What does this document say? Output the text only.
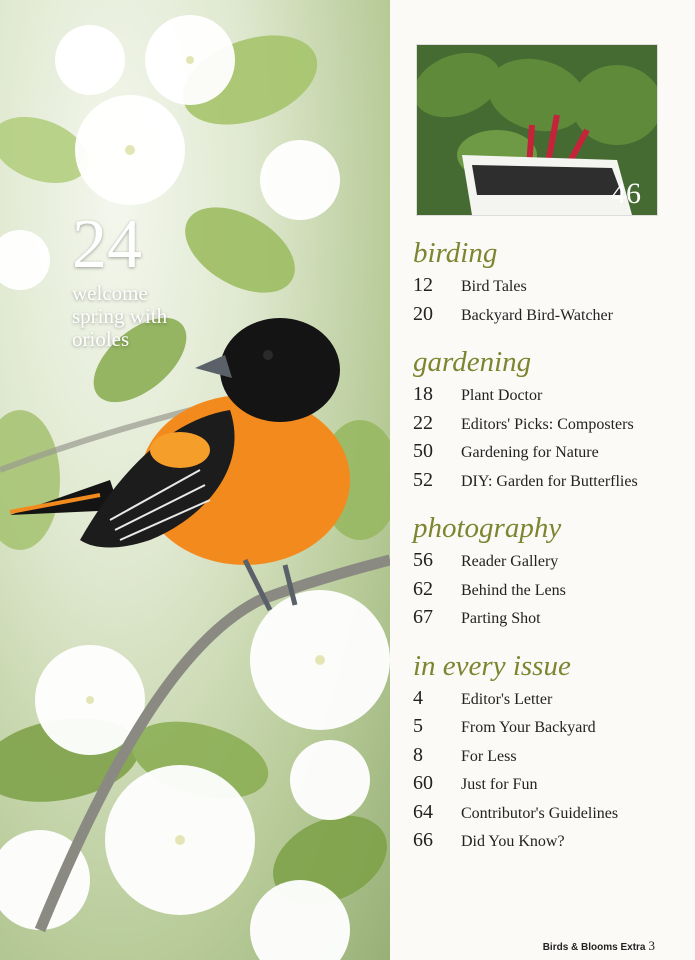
24
welcome
spring with
orioles
46
birding
12	Bird Tales
20	Backyard Bird-Watcher
gardening
18	Plant Doctor
22	Editors' Picks: Composters
50	Gardening for Nature
52	DIY: Garden for Butterflies
photography
56	Reader Gallery
62	Behind the Lens
67	Parting Shot
in every issue
4	Editor's Letter
5	From Your Backyard
8	For Less
60	Just for Fun
64	Contributor's Guidelines
66	Did You Know?
Birds & Blooms Extra 3
